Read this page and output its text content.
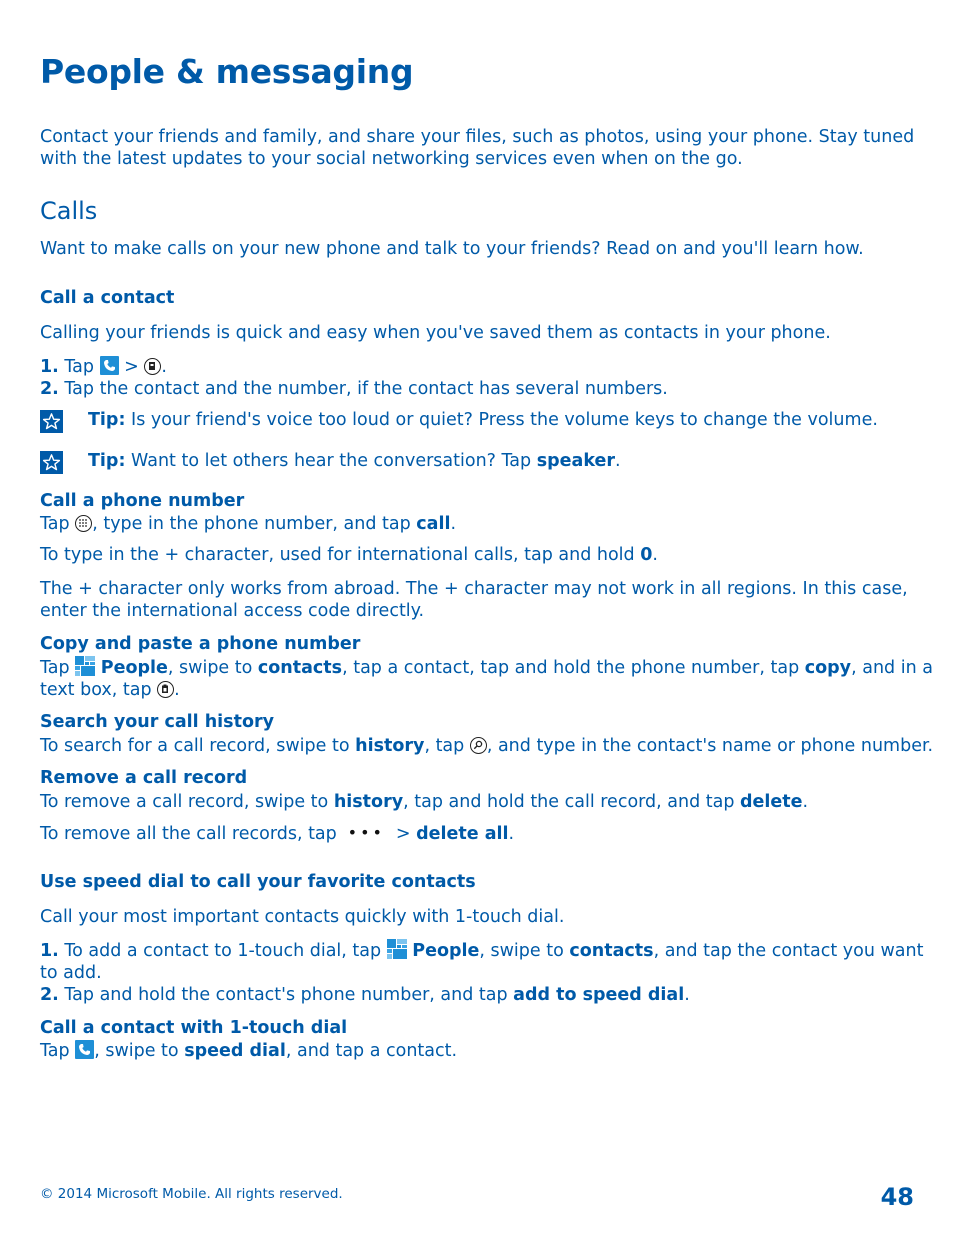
People & messaging

Contact your friends and family, and share your files, such as photos, using your phone. Stay tuned with the latest updates to your social networking services even when on the go.

Calls

Want to make calls on your new phone and talk to your friends? Read on and you'll learn how.

Call a contact

Calling your friends is quick and easy when you've saved them as contacts in your phone.

1. Tap
>
.

2. Tap the contact and the number, if the contact has several numbers.

Tip: Is your friend's voice too loud or quiet? Press the volume keys to change the volume.

Tip: Want to let others hear the conversation? Tap speaker.

Call a phone number

Tap
, type in the phone number, and tap call.

To type in the + character, used for international calls, tap and hold 0.

The + character only works from abroad. The + character may not work in all regions. In this case, enter the international access code directly.

Copy and paste a phone number

Tap  People, swipe to contacts, tap a contact, tap and hold the phone number, tap copy, and in a

text box, tap
.

Search your call history

To search for a call record, swipe to history, tap
, and type in the contact's name or phone number.

Remove a call record

To remove a call record, swipe to history, tap and hold the call record, and tap delete.

To remove all the call records, tap ••• > delete all.

Use speed dial to call your favorite contacts

Call your most important contacts quickly with 1-touch dial.

1. To add a contact to 1-touch dial, tap  People, swipe to contacts, and tap the contact you want

to add.

2. Tap and hold the contact's phone number, and tap add to speed dial.

Call a contact with 1-touch dial

Tap
, swipe to speed dial, and tap a contact.

© 2014 Microsoft Mobile. All rights reserved.	48
